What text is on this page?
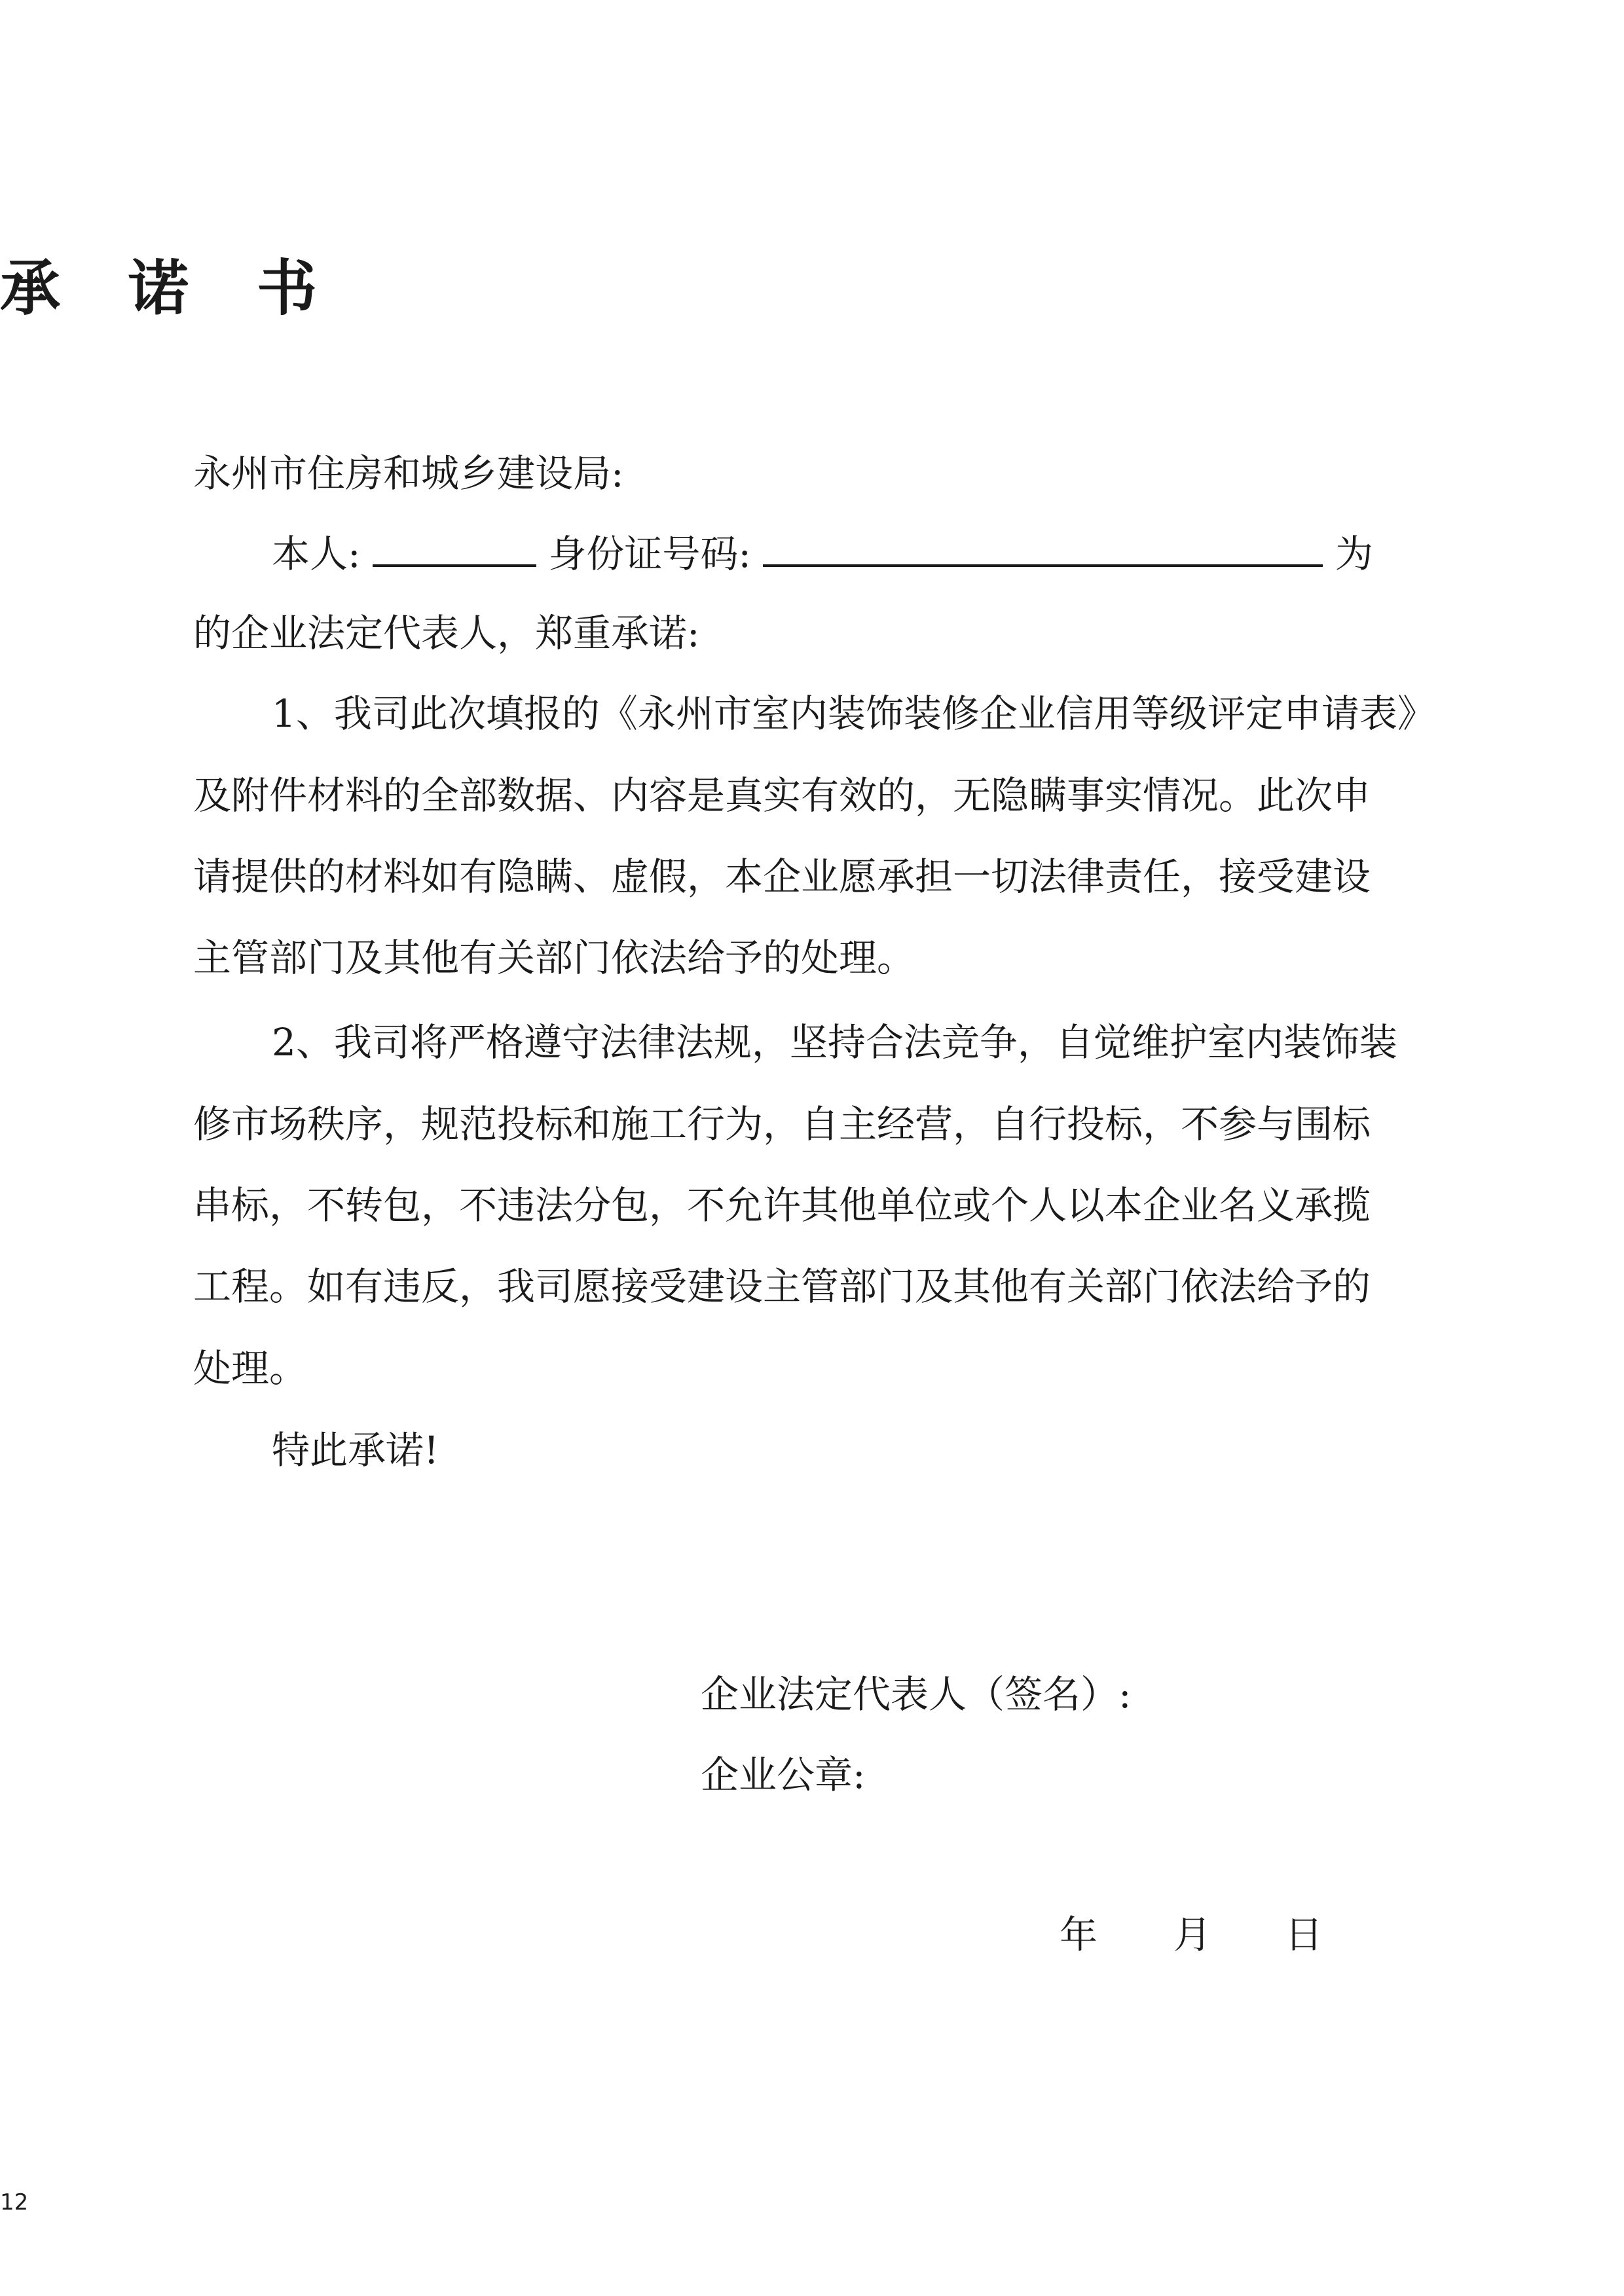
承 诺 书
永州市住房和城乡建设局:
本人:	身份证号码:	为
的企业法定代表人，郑重承诺:
1、我司此次填报的《永州市室内装饰装修企业信用等级评定申请表》
及附件材料的全部数据、内容是真实有效的，无隐瞒事实情况。此次申
请提供的材料如有隐瞒、虚假，本企业愿承担一切法律责任，接受建设
主管部门及其他有关部门依法给予的处理。
2、我司将严格遵守法律法规，坚持合法竞争，自觉维护室内装饰装
修市场秩序，规范投标和施工行为，自主经营，自行投标，不参与围标
串标，不转包，不违法分包，不允许其他单位或个人以本企业名义承揽
工程。如有违反，我司愿接受建设主管部门及其他有关部门依法给予的
处理。
特此承诺!
企业法定代表人（签名）:
企业公章:
年 月 日
12
